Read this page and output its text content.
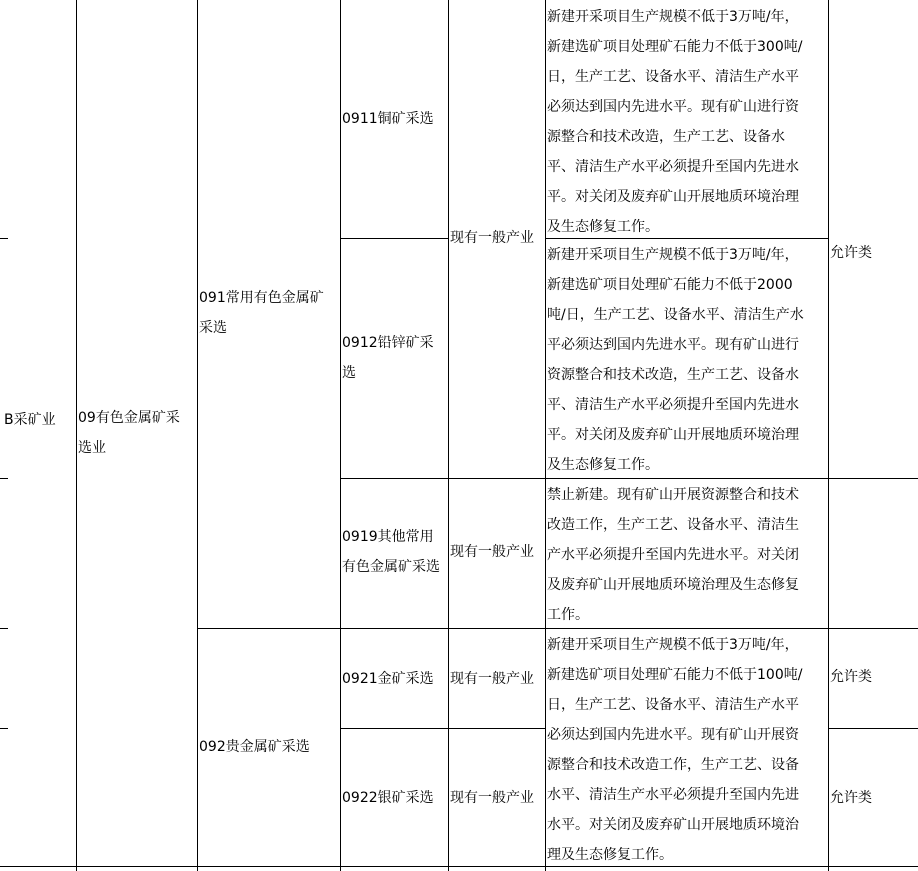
B采矿业 09有色金属矿采选业
091常用有色金属矿
采选
092贵金属矿采选
0911铜矿采选
0912铅锌矿采
选
0919其他常用
有色金属矿采选
0921金矿采选
0922银矿采选
现有一般产业
现有一般产业
现有一般产业
现有一般产业
新建开采项目生产规模不低于3万吨/年，
新建选矿项目处理矿石能力不低于300吨/
日，生产工艺、设备水平、清洁生产水平
必须达到国内先进水平。现有矿山进行资
源整合和技术改造，生产工艺、设备水
平、清洁生产水平必须提升至国内先进水
平。对关闭及废弃矿山开展地质环境治理
及生态修复工作。
新建开采项目生产规模不低于3万吨/年，
新建选矿项目处理矿石能力不低于2000
吨/日，生产工艺、设备水平、清洁生产水
平必须达到国内先进水平。现有矿山进行
资源整合和技术改造，生产工艺、设备水
平、清洁生产水平必须提升至国内先进水
平。对关闭及废弃矿山开展地质环境治理
及生态修复工作。
禁止新建。现有矿山开展资源整合和技术
改造工作，生产工艺、设备水平、清洁生
产水平必须提升至国内先进水平。对关闭
及废弃矿山开展地质环境治理及生态修复
工作。
新建开采项目生产规模不低于3万吨/年，
新建选矿项目处理矿石能力不低于100吨/
日，生产工艺、设备水平、清洁生产水平
必须达到国内先进水平。现有矿山开展资
源整合和技术改造工作，生产工艺、设备
水平、清洁生产水平必须提升至国内先进
水平。对关闭及废弃矿山开展地质环境治
理及生态修复工作。
允许类
允许类
允许类
